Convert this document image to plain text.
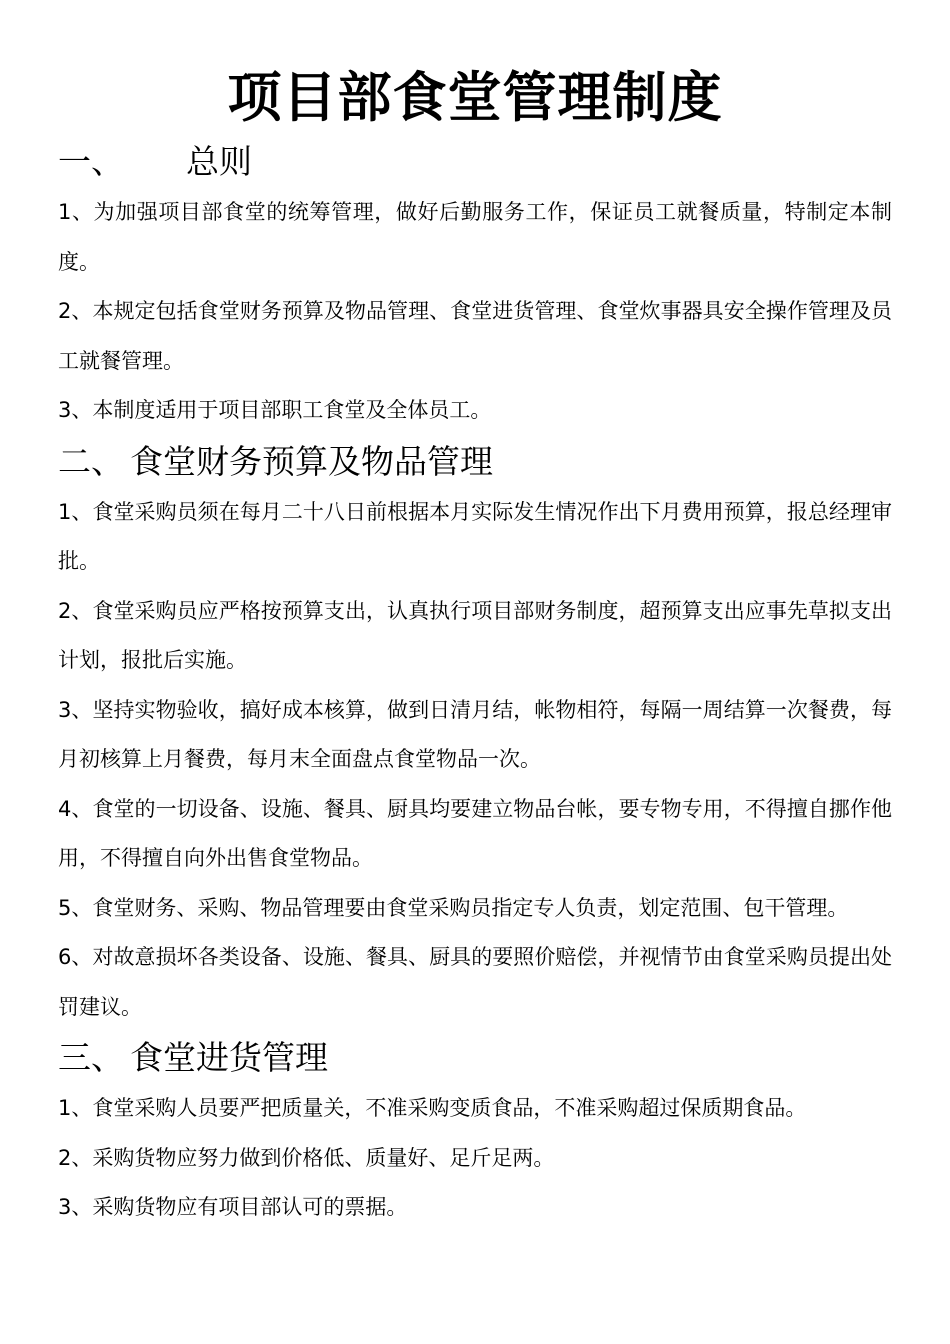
项目部食堂管理制度
一、 总则

1、为加强项目部食堂的统筹管理，做好后勤服务工作，保证员工就餐质量，特制定本制度。

2、本规定包括食堂财务预算及物品管理、食堂进货管理、食堂炊事器具安全操作管理及员工就餐管理。

3、本制度适用于项目部职工食堂及全体员工。

二、 食堂财务预算及物品管理

1、食堂采购员须在每月二十八日前根据本月实际发生情况作出下月费用预算，报总经理审批。

2、食堂采购员应严格按预算支出，认真执行项目部财务制度，超预算支出应事先草拟支出计划，报批后实施。

3、坚持实物验收，搞好成本核算，做到日清月结，帐物相符，每隔一周结算一次餐费，每月初核算上月餐费，每月末全面盘点食堂物品一次。

4、食堂的一切设备、设施、餐具、厨具均要建立物品台帐，要专物专用，不得擅自挪作他用，不得擅自向外出售食堂物品。

5、食堂财务、采购、物品管理要由食堂采购员指定专人负责，划定范围、包干管理。

6、对故意损坏各类设备、设施、餐具、厨具的要照价赔偿，并视情节由食堂采购员提出处罚建议。

三、 食堂进货管理

1、食堂采购人员要严把质量关，不准采购变质食品，不准采购超过保质期食品。

2、采购货物应努力做到价格低、质量好、足斤足两。

3、采购货物应有项目部认可的票据。
